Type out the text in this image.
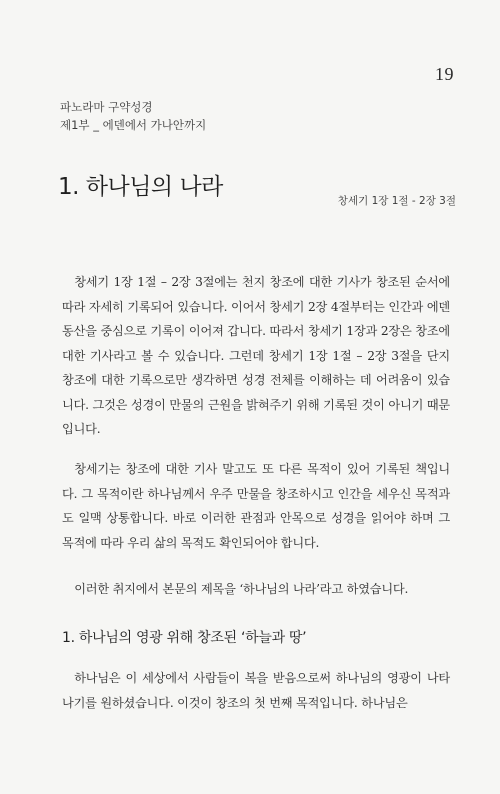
19
파노라마 구약성경
제1부 _ 에덴에서 가나안까지
1. 하나님의 나라
창세기 1장 1절 - 2장 3절

창세기 1장 1절 – 2장 3절에는 천지 창조에 대한 기사가 창조된 순서에 따라 자세히 기록되어 있습니다. 이어서 창세기 2장 4절부터는 인간과 에덴동산을 중심으로 기록이 이어져 갑니다. 따라서 창세기 1장과 2장은 창조에 대한 기사라고 볼 수 있습니다. 그런데 창세기 1장 1절 – 2장 3절을 단지 창조에 대한 기록으로만 생각하면 성경 전체를 이해하는 데 어려움이 있습니다. 그것은 성경이 만물의 근원을 밝혀주기 위해 기록된 것이 아니기 때문입니다.

창세기는 창조에 대한 기사 말고도 또 다른 목적이 있어 기록된 책입니다. 그 목적이란 하나님께서 우주 만물을 창조하시고 인간을 세우신 목적과도 일맥 상통합니다. 바로 이러한 관점과 안목으로 성경을 읽어야 하며 그 목적에 따라 우리 삶의 목적도 확인되어야 합니다.

이러한 취지에서 본문의 제목을 ‘하나님의 나라’라고 하였습니다.

1. 하나님의 영광 위해 창조된 ‘하늘과 땅’

하나님은 이 세상에서 사람들이 복을 받음으로써 하나님의 영광이 나타나기를 원하셨습니다. 이것이 창조의 첫 번째 목적입니다. 하나님은
